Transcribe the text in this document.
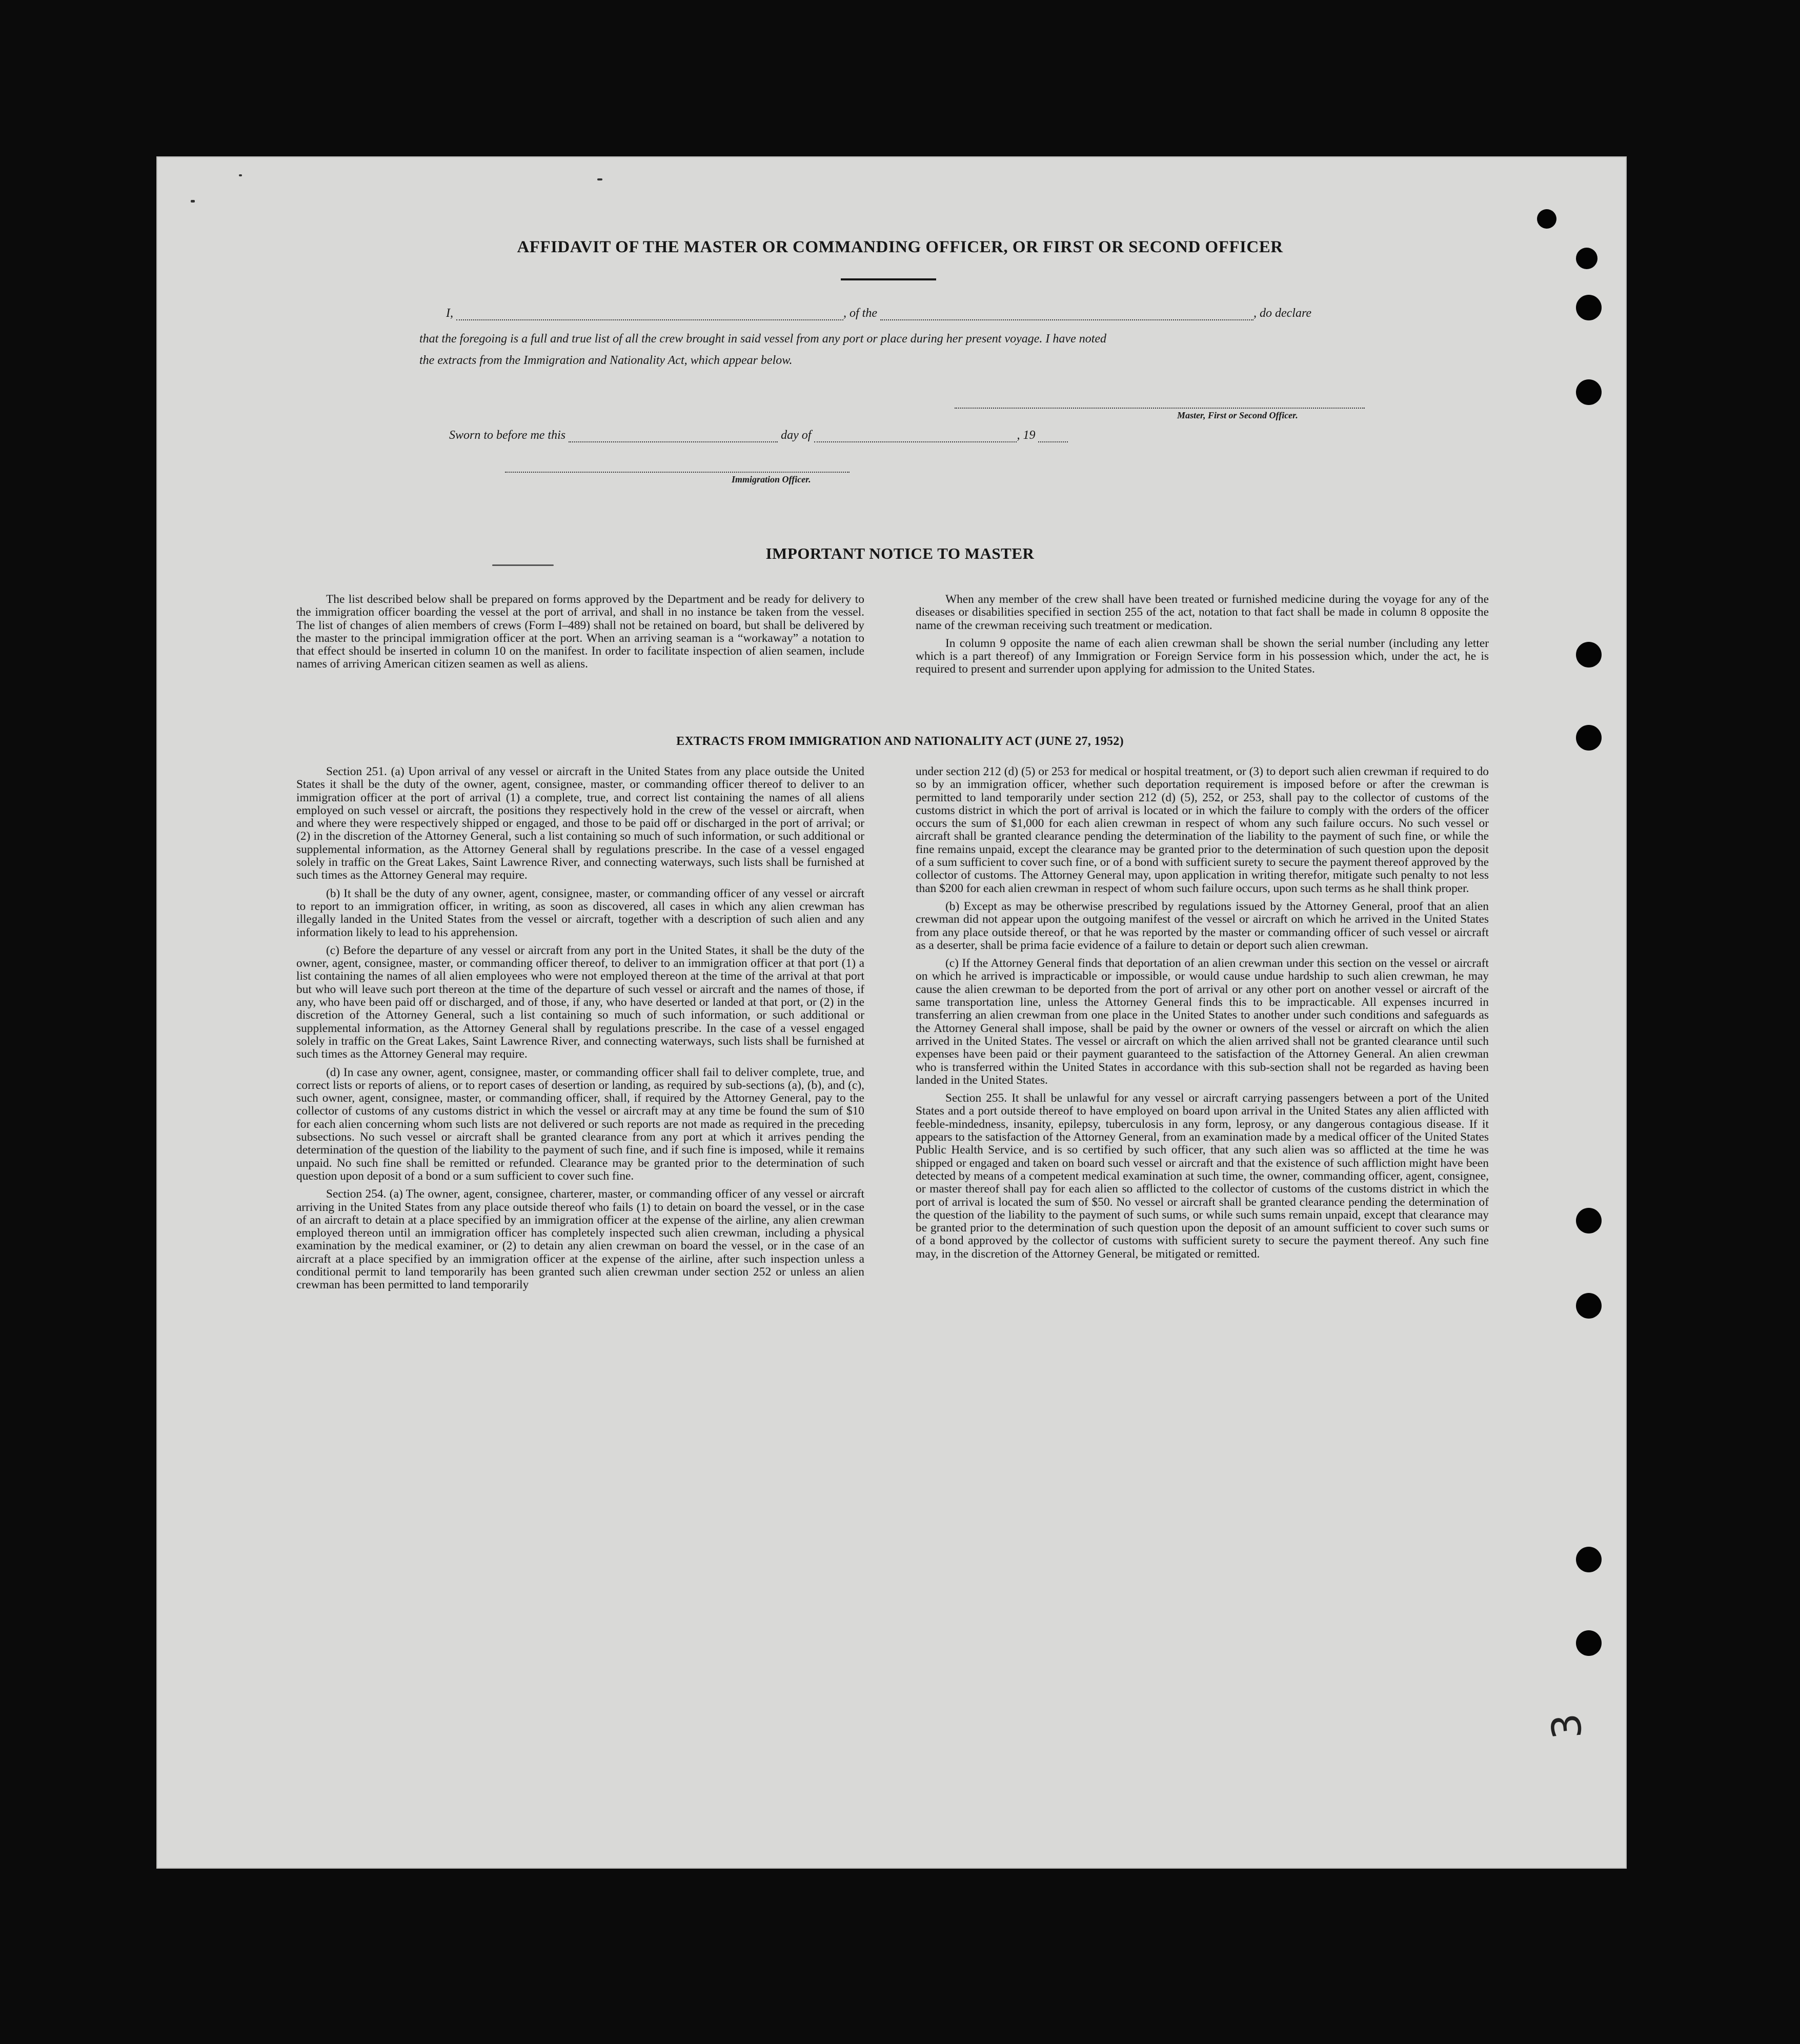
AFFIDAVIT OF THE MASTER OR COMMANDING OFFICER, OR FIRST OR SECOND OFFICER
I,	, of the	, do declare
that the foregoing is a full and true list of all the crew brought in said vessel from any port or place during her present voyage. I have noted
the extracts from the Immigration and Nationality Act, which appear below.
Master, First or Second Officer.
Sworn to before me this	day of	, 19
Immigration Officer.
IMPORTANT NOTICE TO MASTER

The list described below shall be prepared on forms approved by the Department and be ready for delivery to the immigration officer boarding the vessel at the port of arrival, and shall in no instance be taken from the vessel. The list of changes of alien members of crews (Form I–489) shall not be retained on board, but shall be delivered by the master to the principal immigration officer at the port. When an arriving seaman is a “workaway” a notation to that effect should be inserted in column 10 on the manifest. In order to facilitate inspection of alien seamen, include names of arriving American citizen seamen as well as aliens.

When any member of the crew shall have been treated or furnished medicine during the voyage for any of the diseases or disabilities specified in section 255 of the act, notation to that fact shall be made in column 8 opposite the name of the crewman receiving such treatment or medication.

In column 9 opposite the name of each alien crewman shall be shown the serial number (including any letter which is a part thereof) of any Immigration or Foreign Service form in his possession which, under the act, he is required to present and surrender upon applying for admission to the United States.

EXTRACTS FROM IMMIGRATION AND NATIONALITY ACT (JUNE 27, 1952)

Section 251. (a) Upon arrival of any vessel or aircraft in the United States from any place outside the United States it shall be the duty of the owner, agent, consignee, master, or commanding officer thereof to deliver to an immigration officer at the port of arrival (1) a complete, true, and correct list containing the names of all aliens employed on such vessel or aircraft, the positions they respectively hold in the crew of the vessel or aircraft, when and where they were respectively shipped or engaged, and those to be paid off or discharged in the port of arrival; or (2) in the discretion of the Attorney General, such a list containing so much of such information, or such additional or supplemental information, as the Attorney General shall by regulations prescribe. In the case of a vessel engaged solely in traffic on the Great Lakes, Saint Lawrence River, and connecting waterways, such lists shall be furnished at such times as the Attorney General may require.

(b) It shall be the duty of any owner, agent, consignee, master, or commanding officer of any vessel or aircraft to report to an immigration officer, in writing, as soon as discovered, all cases in which any alien crewman has illegally landed in the United States from the vessel or aircraft, together with a description of such alien and any information likely to lead to his apprehension.

(c) Before the departure of any vessel or aircraft from any port in the United States, it shall be the duty of the owner, agent, consignee, master, or commanding officer thereof, to deliver to an immigration officer at that port (1) a list containing the names of all alien employees who were not employed thereon at the time of the arrival at that port but who will leave such port thereon at the time of the departure of such vessel or aircraft and the names of those, if any, who have been paid off or discharged, and of those, if any, who have deserted or landed at that port, or (2) in the discretion of the Attorney General, such a list containing so much of such information, or such additional or supplemental information, as the Attorney General shall by regulations prescribe. In the case of a vessel engaged solely in traffic on the Great Lakes, Saint Lawrence River, and connecting waterways, such lists shall be furnished at such times as the Attorney General may require.

(d) In case any owner, agent, consignee, master, or commanding officer shall fail to deliver complete, true, and correct lists or reports of aliens, or to report cases of desertion or landing, as required by sub-sections (a), (b), and (c), such owner, agent, consignee, master, or commanding officer, shall, if required by the Attorney General, pay to the collector of customs of any customs district in which the vessel or aircraft may at any time be found the sum of $10 for each alien concerning whom such lists are not delivered or such reports are not made as required in the preceding subsections. No such vessel or aircraft shall be granted clearance from any port at which it arrives pending the determination of the question of the liability to the payment of such fine, and if such fine is imposed, while it remains unpaid. No such fine shall be remitted or refunded. Clearance may be granted prior to the determination of such question upon deposit of a bond or a sum sufficient to cover such fine.

Section 254. (a) The owner, agent, consignee, charterer, master, or commanding officer of any vessel or aircraft arriving in the United States from any place outside thereof who fails (1) to detain on board the vessel, or in the case of an aircraft to detain at a place specified by an immigration officer at the expense of the airline, any alien crewman employed thereon until an immigration officer has completely inspected such alien crewman, including a physical examination by the medical examiner, or (2) to detain any alien crewman on board the vessel, or in the case of an aircraft at a place specified by an immigration officer at the expense of the airline, after such inspection unless a conditional permit to land temporarily has been granted such alien crewman under section 252 or unless an alien crewman has been permitted to land temporarily

under section 212 (d) (5) or 253 for medical or hospital treatment, or (3) to deport such alien crewman if required to do so by an immigration officer, whether such deportation requirement is imposed before or after the crewman is permitted to land temporarily under section 212 (d) (5), 252, or 253, shall pay to the collector of customs of the customs district in which the port of arrival is located or in which the failure to comply with the orders of the officer occurs the sum of $1,000 for each alien crewman in respect of whom any such failure occurs. No such vessel or aircraft shall be granted clearance pending the determination of the liability to the payment of such fine, or while the fine remains unpaid, except the clearance may be granted prior to the determination of such question upon the deposit of a sum sufficient to cover such fine, or of a bond with sufficient surety to secure the payment thereof approved by the collector of customs. The Attorney General may, upon application in writing therefor, mitigate such penalty to not less than $200 for each alien crewman in respect of whom such failure occurs, upon such terms as he shall think proper.

(b) Except as may be otherwise prescribed by regulations issued by the Attorney General, proof that an alien crewman did not appear upon the outgoing manifest of the vessel or aircraft on which he arrived in the United States from any place outside thereof, or that he was reported by the master or commanding officer of such vessel or aircraft as a deserter, shall be prima facie evidence of a failure to detain or deport such alien crewman.

(c) If the Attorney General finds that deportation of an alien crewman under this section on the vessel or aircraft on which he arrived is impracticable or impossible, or would cause undue hardship to such alien crewman, he may cause the alien crewman to be deported from the port of arrival or any other port on another vessel or aircraft of the same transportation line, unless the Attorney General finds this to be impracticable. All expenses incurred in transferring an alien crewman from one place in the United States to another under such conditions and safeguards as the Attorney General shall impose, shall be paid by the owner or owners of the vessel or aircraft on which the alien arrived in the United States. The vessel or aircraft on which the alien arrived shall not be granted clearance until such expenses have been paid or their payment guaranteed to the satisfaction of the Attorney General. An alien crewman who is transferred within the United States in accordance with this sub-section shall not be regarded as having been landed in the United States.

Section 255. It shall be unlawful for any vessel or aircraft carrying passengers between a port of the United States and a port outside thereof to have employed on board upon arrival in the United States any alien afflicted with feeble-mindedness, insanity, epilepsy, tuberculosis in any form, leprosy, or any dangerous contagious disease. If it appears to the satisfaction of the Attorney General, from an examination made by a medical officer of the United States Public Health Service, and is so certified by such officer, that any such alien was so afflicted at the time he was shipped or engaged and taken on board such vessel or aircraft and that the existence of such affliction might have been detected by means of a competent medical examination at such time, the owner, commanding officer, agent, consignee, or master thereof shall pay for each alien so afflicted to the collector of customs of the customs district in which the port of arrival is located the sum of $50. No vessel or aircraft shall be granted clearance pending the determination of the question of the liability to the payment of such sums, or while such sums remain unpaid, except that clearance may be granted prior to the determination of such question upon the deposit of an amount sufficient to cover such sums or of a bond approved by the collector of customs with sufficient surety to secure the payment thereof. Any such fine may, in the discretion of the Attorney General, be mitigated or remitted.

3
